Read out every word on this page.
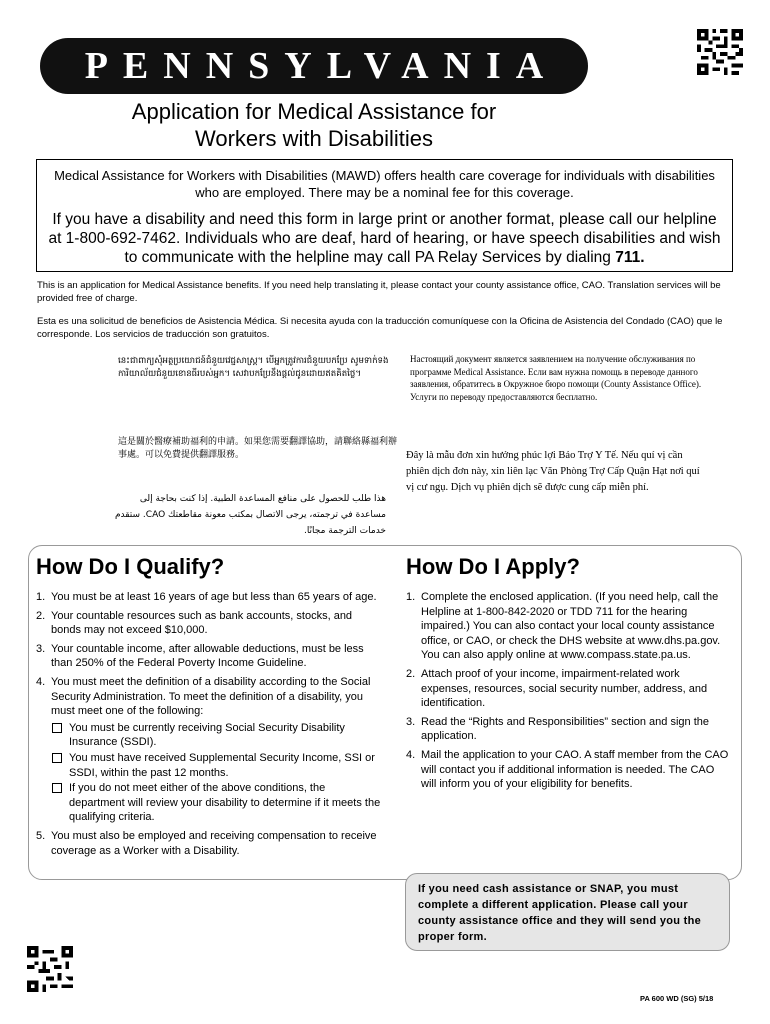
PENNSYLVANIA
Application for Medical Assistance for
Workers with Disabilities

Medical Assistance for Workers with Disabilities (MAWD) offers health care coverage for individuals with disabilities who are employed. There may be a nominal fee for this coverage.

If you have a disability and need this form in large print or another format, please call our helpline at 1-800-692-7462. Individuals who are deaf, hard of hearing, or have speech disabilities and wish to communicate with the helpline may call PA Relay Services by dialing 711.

This is an application for Medical Assistance benefits. If you need help translating it, please contact your county assistance office, CAO. Translation services will be provided free of charge.
Esta es una solicitud de beneficios de Asistencia Médica. Si necesita ayuda con la traducción comuníquese con la Oficina de Asistencia del Condado (CAO) que le corresponde. Los servicios de traducción son gratuitos.
នេះ​ជា​ពាក្យ​សុំ​អត្ថប្រយោជន៍​ជំនួយ​វេជ្ជសាស្ត្រ។ បើ​អ្នក​ត្រូវ​ការ​ជំនួយ​បកប្រែ សូម​ទាក់ទង​ការិយាល័យ​ជំនួយ​ខោនធី​របស់​អ្នក។ សេវា​បកប្រែ​នឹង​ផ្តល់​ជូន​ដោយ​ឥតគិតថ្លៃ។
Настоящий документ является заявлением на получение обслуживания по программе Medical Assistance. Если вам нужна помощь в переводе данного заявления, обратитесь в Окружное бюро помощи (County Assistance Office). Услуги по переводу предоставляются бесплатно.
這是關於醫療補助福利的申請。如果您需要翻譯協助，請聯絡縣福利辦事處。可以免費提供翻譯服務。	Đây là mẫu đơn xin hưởng phúc lợi Bảo Trợ Y Tế. Nếu quí vị cần phiên dịch đơn này, xin liên lạc Văn Phòng Trợ Cấp Quận Hạt nơi quí vị cư ngụ. Dịch vụ phiên dịch sẽ được cung cấp miễn phí.
هذا طلب للحصول على منافع المساعدة الطبية. إذا كنت بحاجة إلى مساعدة في ترجمته، يرجى الاتصال بمكتب معونة مقاطعتك CAO. ستقدم خدمات الترجمة مجانًا.
How Do I Qualify?
1. You must be at least 16 years of age but less than 65 years of age.
2. Your countable resources such as bank accounts, stocks, and bonds may not exceed $10,000.
3. Your countable income, after allowable deductions, must be less than 250% of the Federal Poverty Income Guideline.
4. You must meet the definition of a disability according to the Social Security Administration. To meet the definition of a disability, you must meet one of the following:
You must be currently receiving Social Security Disability Insurance (SSDI).
You must have received Supplemental Security Income, SSI or SSDI, within the past 12 months.
If you do not meet either of the above conditions, the department will review your disability to determine if it meets the qualifying criteria.
5. You must also be employed and receiving compensation to receive coverage as a Worker with a Disability.
How Do I Apply?
1. Complete the enclosed application. (If you need help, call the Helpline at 1-800-842-2020 or TDD 711 for the hearing impaired.) You can also contact your local county assistance office, or CAO, or check the DHS website at www.dhs.pa.gov. You can also apply online at www.compass.state.pa.us.
2. Attach proof of your income, impairment-related work expenses, resources, social security number, address, and identification.
3. Read the “Rights and Responsibilities” section and sign the application.
4. Mail the application to your CAO. A staff member from the CAO will contact you if additional information is needed. The CAO will inform you of your eligibility for benefits.
If you need cash assistance or SNAP, you must complete a different application. Please call your county assistance office and they will send you the proper form.
PA 600 WD (SG) 5/18
